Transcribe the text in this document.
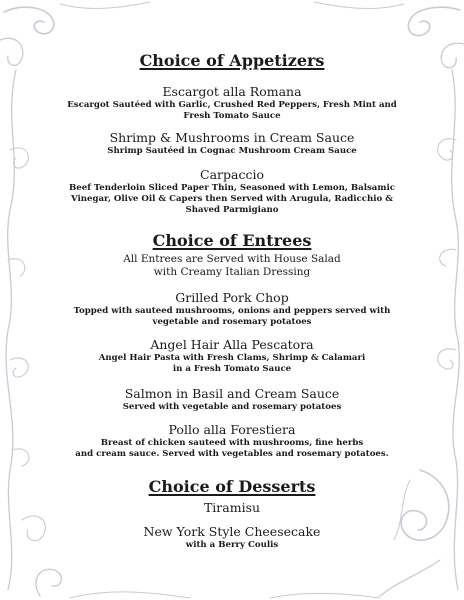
Choice of Appetizers
Escargot alla Romana
Escargot Sautéed with Garlic, Crushed Red Peppers, Fresh Mint and
Fresh Tomato Sauce
Shrimp & Mushrooms in Cream Sauce
Shrimp Sautéed in Cognac Mushroom Cream Sauce
Carpaccio
Beef Tenderloin Sliced Paper Thin, Seasoned with Lemon, Balsamic
Vinegar, Olive Oil & Capers then Served with Arugula, Radicchio &
Shaved Parmigiano
Choice of Entrees
All Entrees are Served with House Salad
with Creamy Italian Dressing
Grilled Pork Chop
Topped with sauteed mushrooms, onions and peppers served with
vegetable and rosemary potatoes
Angel Hair Alla Pescatora
Angel Hair Pasta with Fresh Clams, Shrimp & Calamari
in a Fresh Tomato Sauce
Salmon in Basil and Cream Sauce
Served with vegetable and rosemary potatoes
Pollo alla Forestiera
Breast of chicken sauteed with mushrooms, fine herbs
and cream sauce. Served with vegetables and rosemary potatoes.
Choice of Desserts
Tiramisu
New York Style Cheesecake
with a Berry Coulis
